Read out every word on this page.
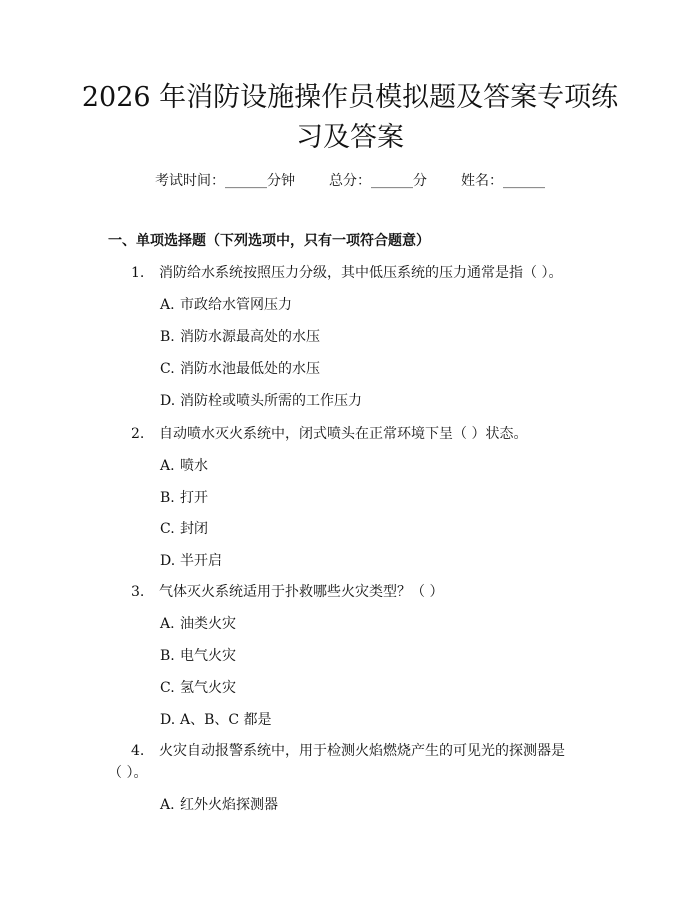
2026 年消防设施操作员模拟题及答案专项练
习及答案
考试时间：______分钟 总分：______分 姓名：______
一、单项选择题（下列选项中，只有一项符合题意）
1. 消防给水系统按照压力分级，其中低压系统的压力通常是指（ ）。
A. 市政给水管网压力
B. 消防水源最高处的水压
C. 消防水池最低处的水压
D. 消防栓或喷头所需的工作压力
2. 自动喷水灭火系统中，闭式喷头在正常环境下呈（ ）状态。
A. 喷水
B. 打开
C. 封闭
D. 半开启
3. 气体灭火系统适用于扑救哪些火灾类型？（ ）
A. 油类火灾
B. 电气火灾
C. 氢气火灾
D. A、B、C 都是
4. 火灾自动报警系统中，用于检测火焰燃烧产生的可见光的探测器是
（ ）。
A. 红外火焰探测器
